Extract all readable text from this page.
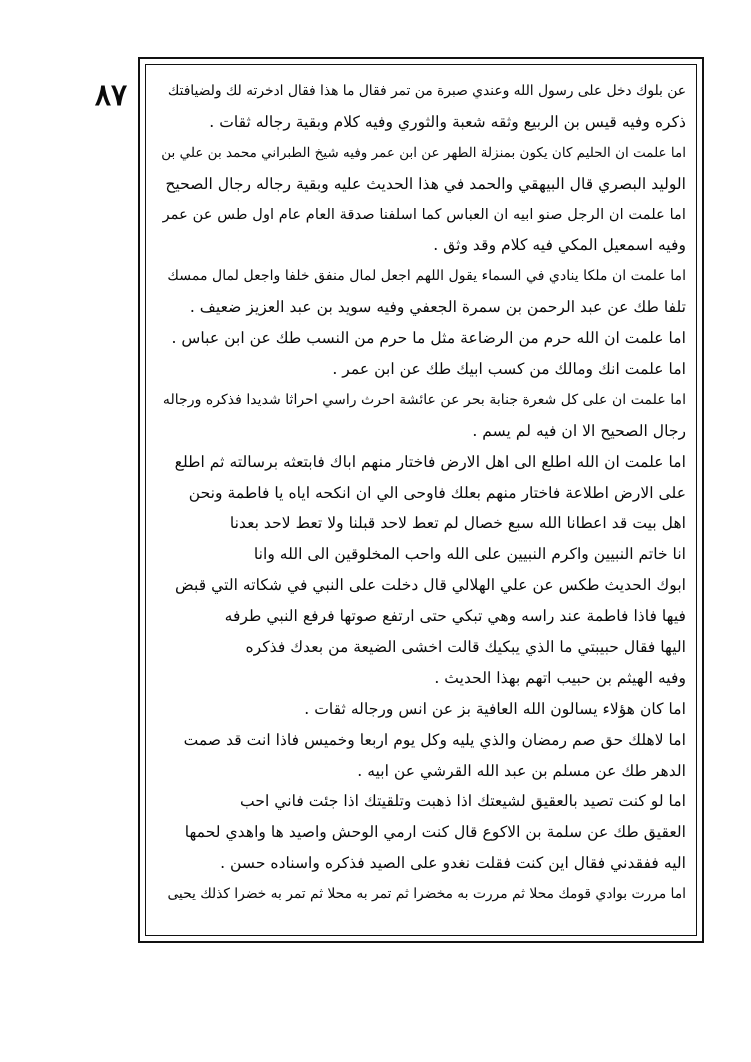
٨٧	عن بلوك دخل على رسول الله وعندي صبرة من تمر فقال ما هذا فقال ادخرته لك ولضيافتك
ذكره وفيه قيس بن الربيع وثقه شعبة والثوري وفيه كلام وبقية رجاله ثقات .
اما علمت ان الحليم كان يكون بمنزلة الطهر عن ابن عمر وفيه شيخ الطبراني محمد بن علي بن
الوليد البصري قال البيهقي والحمد في هذا الحديث عليه وبقية رجاله رجال الصحيح
اما علمت ان الرجل صنو ابيه ان العباس كما اسلفنا صدقة العام عام اول طس عن عمر
وفيه اسمعيل المكي فيه كلام وقد وثق .
اما علمت ان ملكا ينادي في السماء يقول اللهم اجعل لمال منفق خلفا واجعل لمال ممسك
تلفا طك عن عبد الرحمن بن سمرة الجعفي وفيه سويد بن عبد العزيز ضعيف .
اما علمت ان الله حرم من الرضاعة مثل ما حرم من النسب طك عن ابن عباس .
اما علمت انك ومالك من كسب ابيك طك عن ابن عمر .
اما علمت ان على كل شعرة جنابة بحر عن عائشة احرث راسي احراثا شديدا فذكره ورجاله
رجال الصحيح الا ان فيه لم يسم .
اما علمت ان الله اطلع الى اهل الارض فاختار منهم اباك فابتعثه برسالته ثم اطلع
على الارض اطلاعة فاختار منهم بعلك فاوحى الي ان انكحه اياه يا فاطمة ونحن
اهل بيت قد اعطانا الله سبع خصال لم تعط لاحد قبلنا ولا تعط لاحد بعدنا
انا خاتم النبيين واكرم النبيين على الله واحب المخلوقين الى الله وانا
ابوك الحديث طكس عن علي الهلالي قال دخلت على النبي في شكاته التي قبض
فيها فاذا فاطمة عند راسه وهي تبكي حتى ارتفع صوتها فرفع النبي طرفه
اليها فقال حبيبتي ما الذي يبكيك قالت اخشى الضيعة من بعدك فذكره
وفيه الهيثم بن حبيب اتهم بهذا الحديث .
اما كان هؤلاء يسالون الله العافية بز عن انس ورجاله ثقات .
اما لاهلك حق صم رمضان والذي يليه وكل يوم اربعا وخميس فاذا انت قد صمت
الدهر طك عن مسلم بن عبد الله القرشي عن ابيه .
اما لو كنت تصيد بالعقيق لشيعتك اذا ذهبت وتلقيتك اذا جئت فاني احب
العقيق طك عن سلمة بن الاكوع قال كنت ارمي الوحش واصيد ها واهدي لحمها
اليه ففقدني فقال اين كنت فقلت نغدو على الصيد فذكره واسناده حسن .
اما مررت بوادي قومك محلا ثم مررت به مخضرا ثم تمر به محلا ثم تمر به خضرا كذلك يحيى
